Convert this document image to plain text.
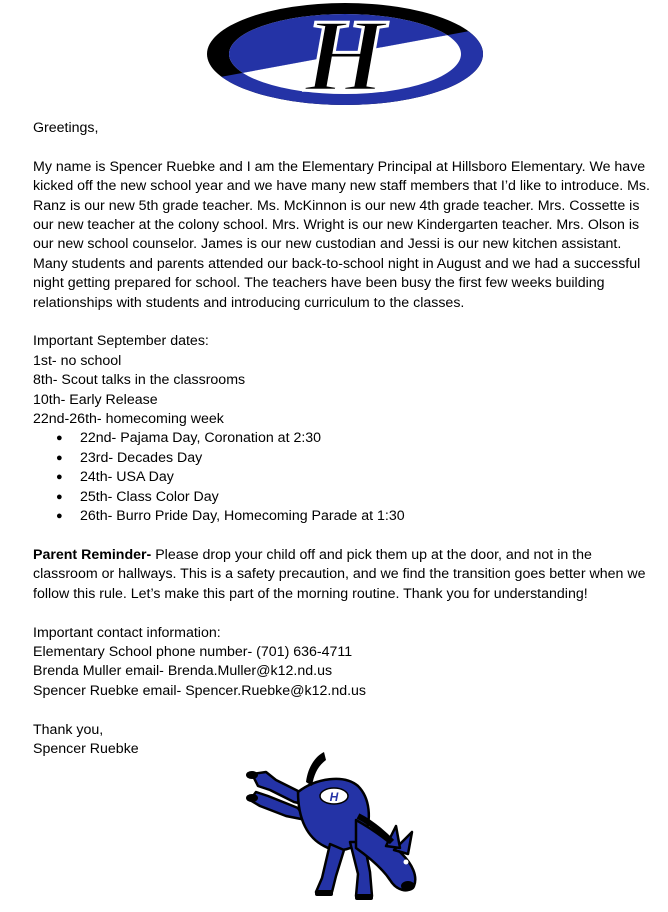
H

Greetings,

My name is Spencer Ruebke and I am the Elementary Principal at Hillsboro Elementary. We have kicked off the new school year and we have many new staff members that I’d like to introduce. Ms. Ranz is our new 5th grade teacher. Ms. McKinnon is our new 4th grade teacher. Mrs. Cossette is our new teacher at the colony school. Mrs. Wright is our new Kindergarten teacher. Mrs. Olson is our new school counselor. James is our new custodian and Jessi is our new kitchen assistant. Many students and parents attended our back-to-school night in August and we had a successful night getting prepared for school. The teachers have been busy the first few weeks building relationships with students and introducing curriculum to the classes.

Important September dates:

1st- no school

8th- Scout talks in the classrooms

10th- Early Release

22nd-26th- homecoming week

● 22nd- Pajama Day, Coronation at 2:30
● 23rd- Decades Day
● 24th- USA Day
● 25th- Class Color Day
● 26th- Burro Pride Day, Homecoming Parade at 1:30

Parent Reminder- Please drop your child off and pick them up at the door, and not in the classroom or hallways. This is a safety precaution, and we find the transition goes better when we follow this rule. Let’s make this part of the morning routine. Thank you for understanding!

Important contact information:

Elementary School phone number- (701) 636-4711

Brenda Muller email- Brenda.Muller@k12.nd.us

Spencer Ruebke email- Spencer.Ruebke@k12.nd.us

Thank you,

Spencer Ruebke

H
